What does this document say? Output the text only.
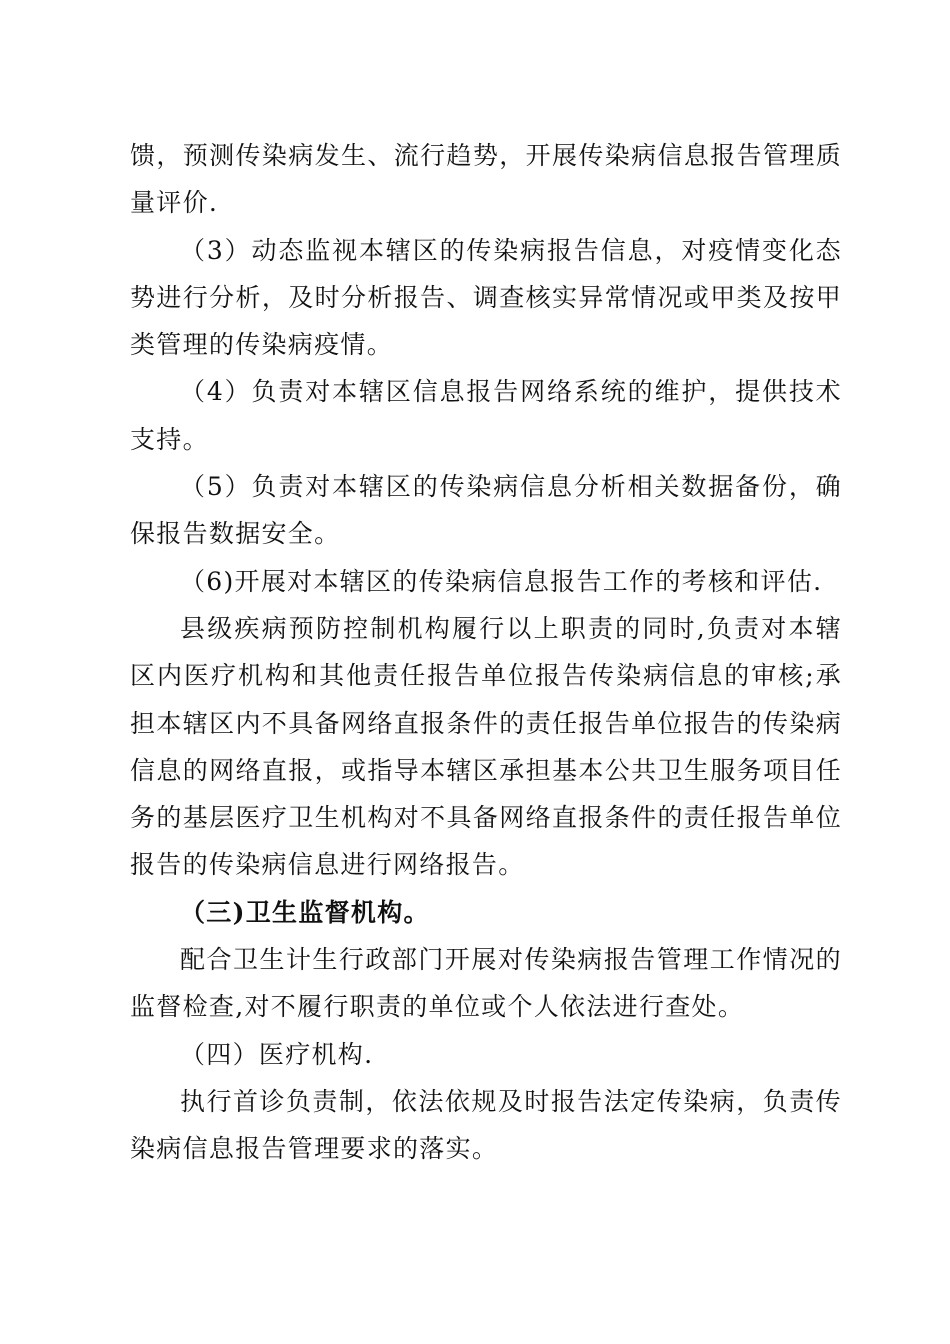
馈，预测传染病发生、流行趋势，开展传染病信息报告管理质量评价.

（3）动态监视本辖区的传染病报告信息，对疫情变化态势进行分析，及时分析报告、调查核实异常情况或甲类及按甲类管理的传染病疫情。

（4）负责对本辖区信息报告网络系统的维护，提供技术支持。

（5）负责对本辖区的传染病信息分析相关数据备份，确保报告数据安全。

（6)开展对本辖区的传染病信息报告工作的考核和评估.

县级疾病预防控制机构履行以上职责的同时,负责对本辖区内医疗机构和其他责任报告单位报告传染病信息的审核;承担本辖区内不具备网络直报条件的责任报告单位报告的传染病信息的网络直报，或指导本辖区承担基本公共卫生服务项目任务的基层医疗卫生机构对不具备网络直报条件的责任报告单位报告的传染病信息进行网络报告。

（三)卫生监督机构。

配合卫生计生行政部门开展对传染病报告管理工作情况的监督检查,对不履行职责的单位或个人依法进行查处。

（四）医疗机构.

执行首诊负责制，依法依规及时报告法定传染病，负责传染病信息报告管理要求的落实。
